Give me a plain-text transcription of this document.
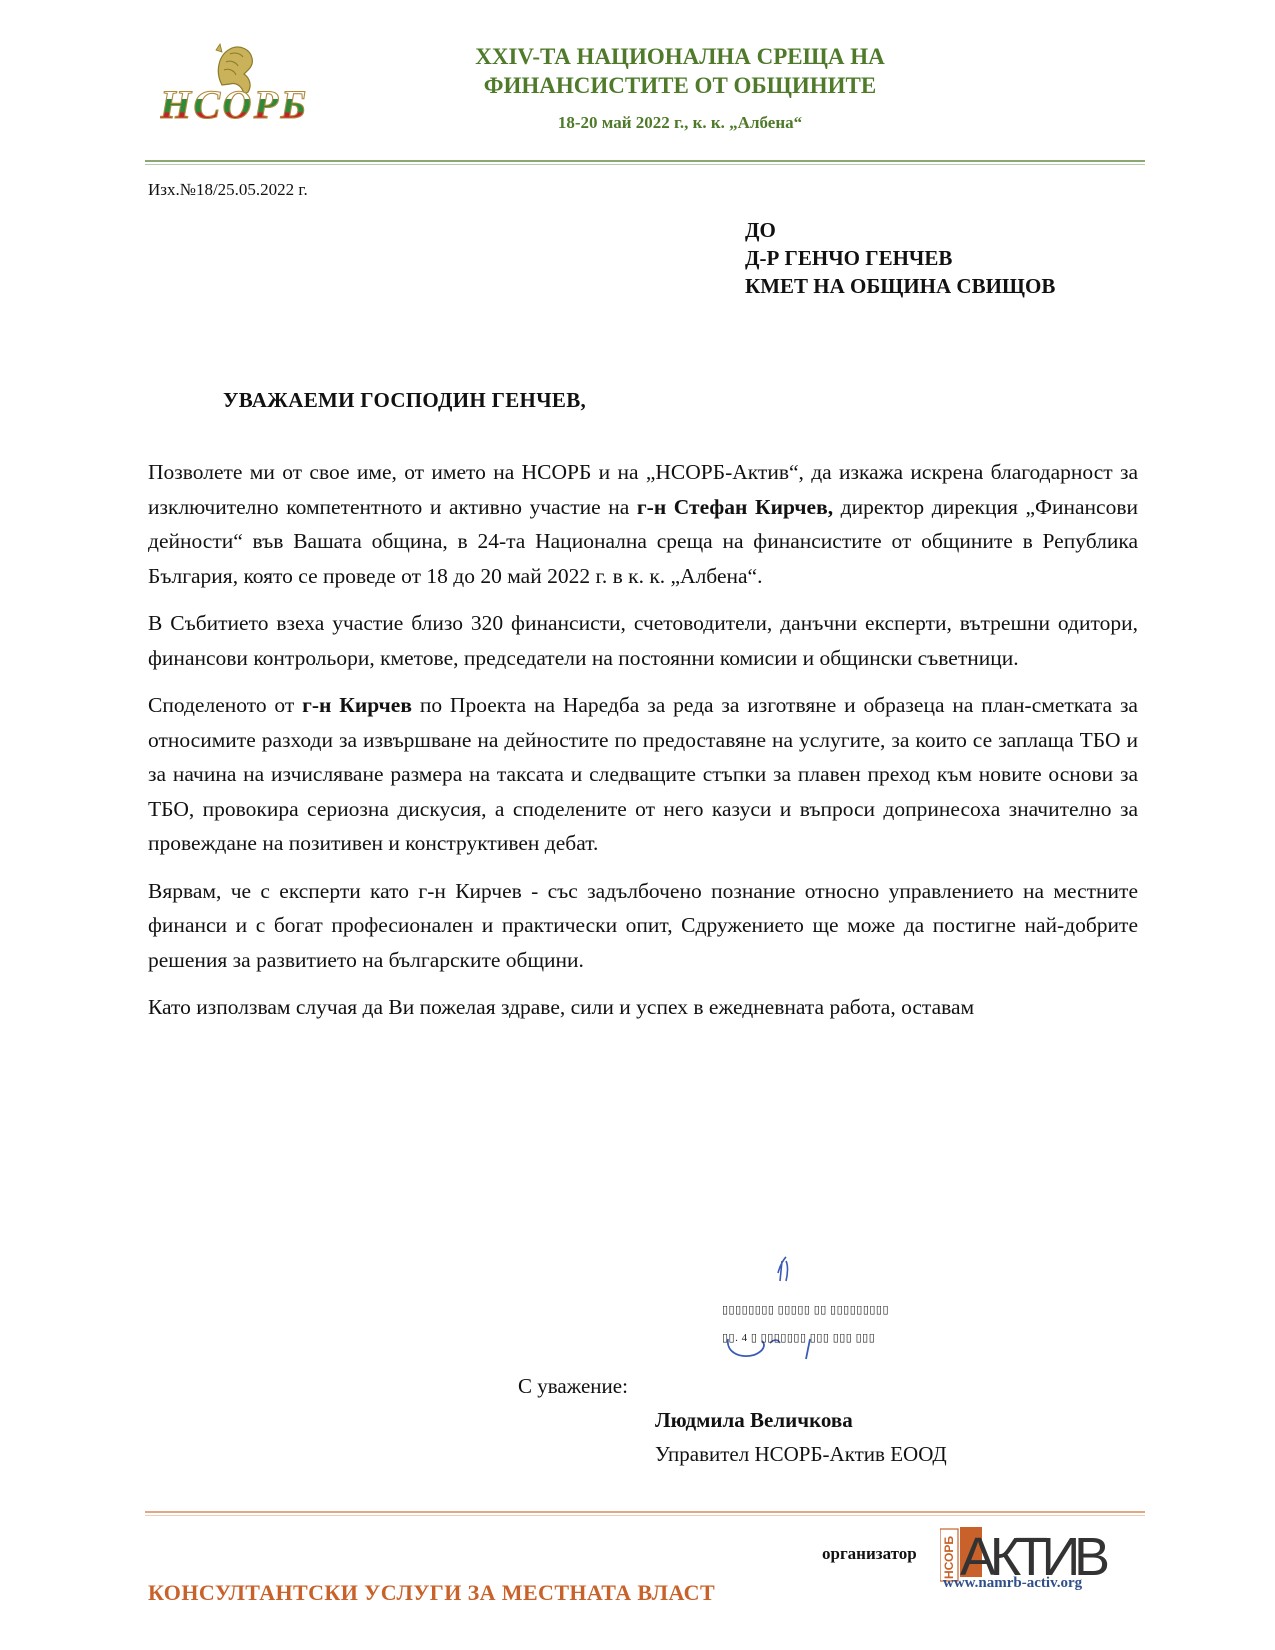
НСОРБ
XXIV-ТА НАЦИОНАЛНА СРЕЩА НА
ФИНАНСИСТИТЕ ОТ ОБЩИНИТЕ
18-20 май 2022 г., к. к. „Албена“
Изх.№18/25.05.2022 г.
ДО
Д-Р ГЕНЧО ГЕНЧЕВ
КМЕТ НА ОБЩИНА СВИЩОВ
УВАЖАЕМИ ГОСПОДИН ГЕНЧЕВ,

Позволете ми от свое име, от името на НСОРБ и на „НСОРБ-Актив“, да изкажа искрена благодарност за изключително компетентното и активно участие на г-н Стефан Кирчев, директор дирекция „Финансови дейности“ във Вашата община, в 24-та Национална среща на финансистите от общините в Република България, която се проведе от 18 до 20 май 2022 г. в к. к. „Албена“.

В Събитието взеха участие близо 320 финансисти, счетоводители, данъчни експерти, вътрешни одитори, финансови контрольори, кметове, председатели на постоянни комисии и общински съветници.

Споделеното от г-н Кирчев по Проекта на Наредба за реда за изготвяне и образеца на план-сметката за относимите разходи за извършване на дейностите по предоставяне на услугите, за които се заплаща ТБО и за начина на изчисляване размера на таксата и следващите стъпки за плавен преход към новите основи за ТБО, провокира сериозна дискусия, а споделените от него казуси и въпроси допринесоха значително за провеждане на позитивен и конструктивен дебат.

Вярвам, че с експерти като г-н Кирчев - със задълбочено познание относно управлението на местните финанси и с богат професионален и практически опит, Сдружението ще може да постигне най-добрите решения за развитието на българските общини.

Като използвам случая да Ви пожелая здраве, сили и успех в ежедневната работа, оставам

▯▯▯▯▯▯▯▯ ▯▯▯▯▯ ▯▯ ▯▯▯▯▯▯▯▯▯
▯▯. 4 ▯ ▯▯▯▯▯▯▯ ▯▯▯ ▯▯▯ ▯▯▯
С уважение:
Людмила Величкова
Управител НСОРБ-Актив ЕООД
организатор НСОРБ АКТИВ
www.namrb-activ.org
КОНСУЛТАНТСКИ УСЛУГИ ЗА МЕСТНАТА ВЛАСТ
